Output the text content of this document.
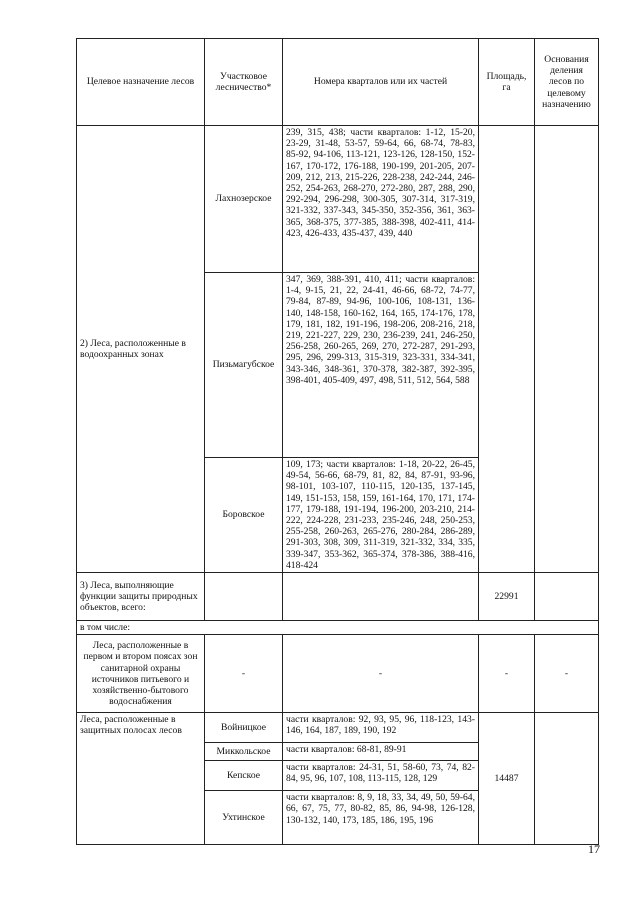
Целевое назначение лесов	Участковое лесничество*	Номера кварталов или их частей	Площадь, га	Основания деления лесов по целевому назначению
2) Леса, расположенные в водоохранных зонах	Лахнозерское	239, 315, 438; части кварталов: 1-12, 15-20, 23-29, 31-48, 53-57, 59-64, 66, 68-74, 78-83, 85-92, 94-106, 113-121, 123-126, 128-150, 152-167, 170-172, 176-188, 190-199, 201-205, 207-209, 212, 213, 215-226, 228-238, 242-244, 246-252, 254-263, 268-270, 272-280, 287, 288, 290, 292-294, 296-298, 300-305, 307-314, 317-319, 321-332, 337-343, 345-350, 352-356, 361, 363-365, 368-375, 377-385, 388-398, 402-411, 414-423, 426-433, 435-437, 439, 440		
	Пизьмагубское	347, 369, 388-391, 410, 411; части кварталов: 1-4, 9-15, 21, 22, 24-41, 46-66, 68-72, 74-77, 79-84, 87-89, 94-96, 100-106, 108-131, 136-140, 148-158, 160-162, 164, 165, 174-176, 178, 179, 181, 182, 191-196, 198-206, 208-216, 218, 219, 221-227, 229, 230, 236-239, 241, 246-250, 256-258, 260-265, 269, 270, 272-287, 291-293, 295, 296, 299-313, 315-319, 323-331, 334-341, 343-346, 348-361, 370-378, 382-387, 392-395, 398-401, 405-409, 497, 498, 511, 512, 564, 588		
	Боровское	109, 173; части кварталов: 1-18, 20-22, 26-45, 49-54, 56-66, 68-79, 81, 82, 84, 87-91, 93-96, 98-101, 103-107, 110-115, 120-135, 137-145, 149, 151-153, 158, 159, 161-164, 170, 171, 174-177, 179-188, 191-194, 196-200, 203-210, 214-222, 224-228, 231-233, 235-246, 248, 250-253, 255-258, 260-263, 265-276, 280-284, 286-289, 291-303, 308, 309, 311-319, 321-332, 334, 335, 339-347, 353-362, 365-374, 378-386, 388-416, 418-424		
3) Леса, выполняющие функции защиты природных объектов, всего:			22991	
в том числе:				
Леса, расположенные в первом и втором поясах зон санитарной охраны источников питьевого и хозяйственно-бытового водоснабжения	-	-	-	-
Леса, расположенные в защитных полосах лесов	Войницкое	части кварталов: 92, 93, 95, 96, 118-123, 143-146, 164, 187, 189, 190, 192	14487	
	Миккольское	части кварталов: 68-81, 89-91		
	Кепское	части кварталов: 24-31, 51, 58-60, 73, 74, 82-84, 95, 96, 107, 108, 113-115, 128, 129		
	Ухтинское	части кварталов: 8, 9, 18, 33, 34, 49, 50, 59-64, 66, 67, 75, 77, 80-82, 85, 86, 94-98, 126-128, 130-132, 140, 173, 185, 186, 195, 196		
17
